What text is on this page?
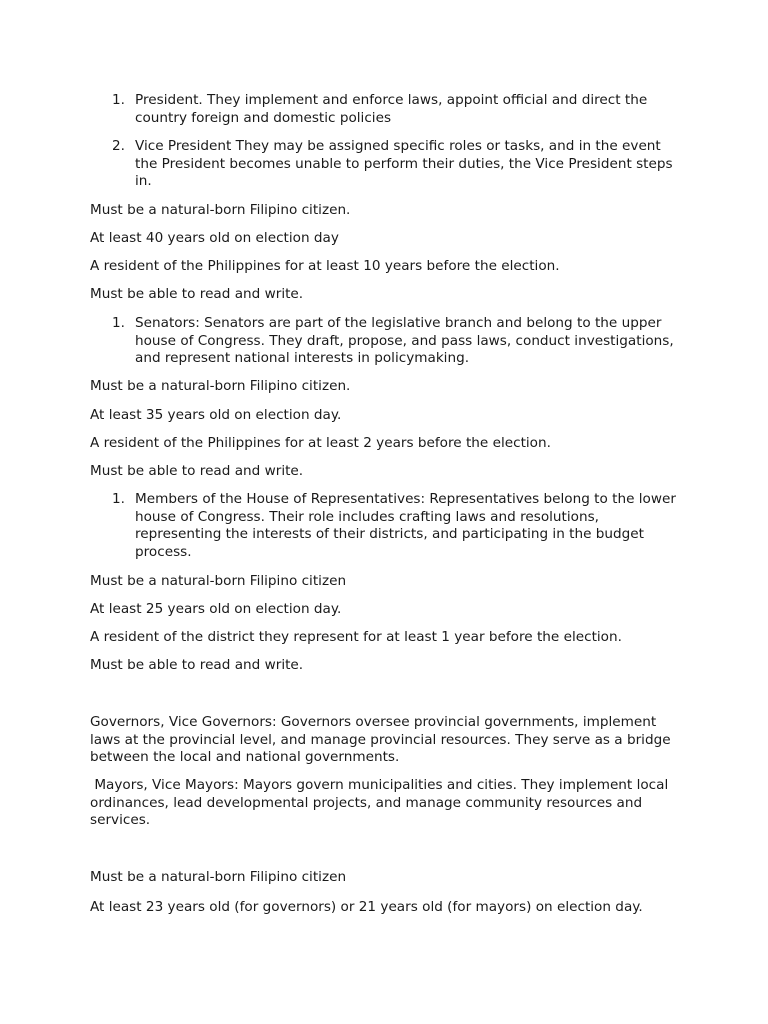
1. President. They implement and enforce laws, appoint official and direct the country foreign and domestic policies
2. Vice President They may be assigned specific roles or tasks, and in the event the President becomes unable to perform their duties, the Vice President steps in.
Must be a natural-born Filipino citizen.
At least 40 years old on election day
A resident of the Philippines for at least 10 years before the election.
Must be able to read and write.
1. Senators: Senators are part of the legislative branch and belong to the upper house of Congress. They draft, propose, and pass laws, conduct investigations, and represent national interests in policymaking.
Must be a natural-born Filipino citizen.
At least 35 years old on election day.
A resident of the Philippines for at least 2 years before the election.
Must be able to read and write.
1. Members of the House of Representatives: Representatives belong to the lower house of Congress. Their role includes crafting laws and resolutions, representing the interests of their districts, and participating in the budget process.
Must be a natural-born Filipino citizen
At least 25 years old on election day.
A resident of the district they represent for at least 1 year before the election.
Must be able to read and write.
Governors, Vice Governors: Governors oversee provincial governments, implement laws at the provincial level, and manage provincial resources. They serve as a bridge between the local and national governments.
Mayors, Vice Mayors: Mayors govern municipalities and cities. They implement local ordinances, lead developmental projects, and manage community resources and services.
Must be a natural-born Filipino citizen
At least 23 years old (for governors) or 21 years old (for mayors) on election day.
